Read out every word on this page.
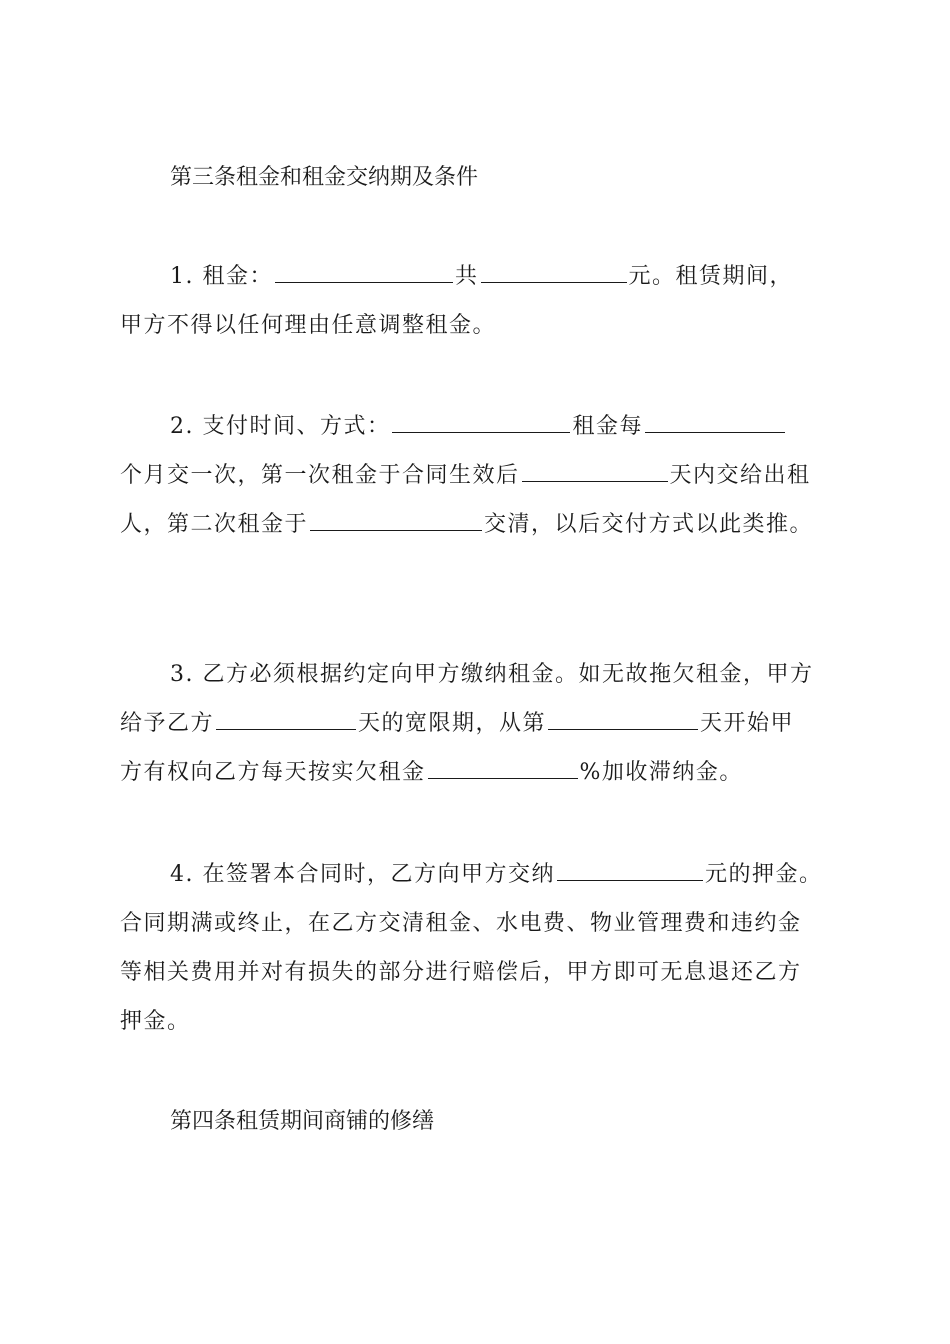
第三条租金和租金交纳期及条件
1. 租金：	共	元。租赁期间，
甲方不得以任何理由任意调整租金。
2. 支付时间、方式：	租金每
个月交一次，第一次租金于合同生效后	天内交给出租
人，第二次租金于	交清，以后交付方式以此类推。
3. 乙方必须根据约定向甲方缴纳租金。如无故拖欠租金，甲方
给予乙方	天的宽限期，从第	天开始甲
方有权向乙方每天按实欠租金	%加收滞纳金。
4. 在签署本合同时，乙方向甲方交纳	元的押金。
合同期满或终止，在乙方交清租金、水电费、物业管理费和违约金
等相关费用并对有损失的部分进行赔偿后，甲方即可无息退还乙方
押金。
第四条租赁期间商铺的修缮
